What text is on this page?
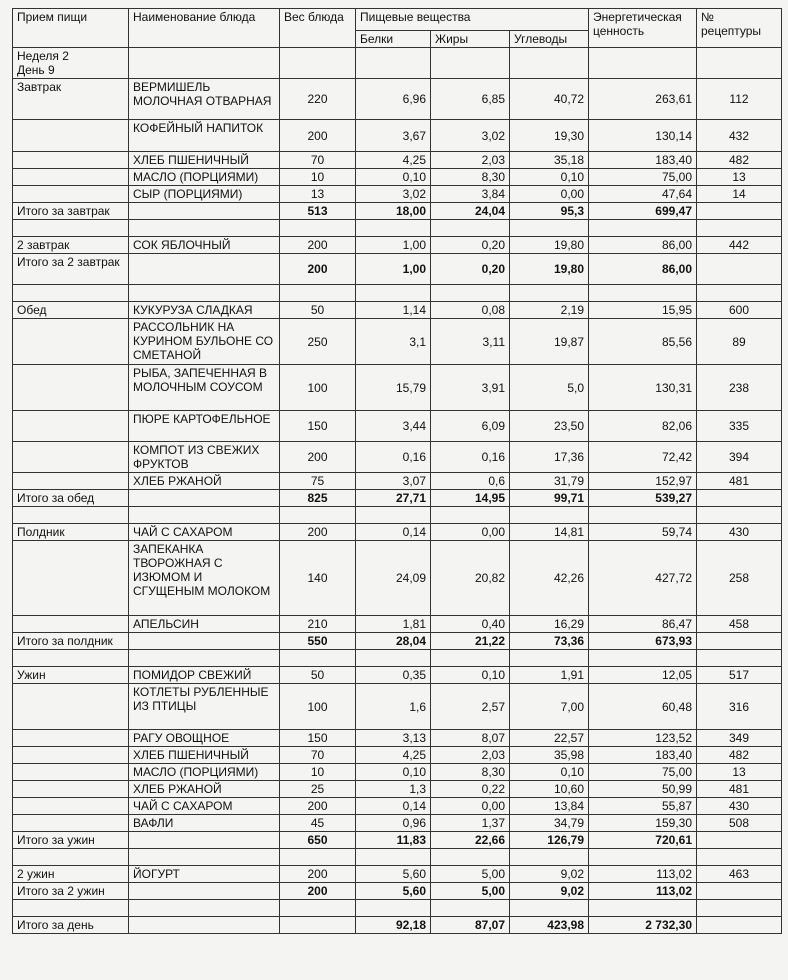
Прием пищи	Наименование блюда	Вес блюда	Пищевые вещества			Энергетическая ценность	№ рецептуры
			Белки	Жиры	Углеводы		
Неделя 2
День 9							
Завтрак	ВЕРМИШЕЛЬ МОЛОЧНАЯ ОТВАРНАЯ	220	6,96	6,85	40,72	263,61	112
	КОФЕЙНЫЙ НАПИТОК	200	3,67	3,02	19,30	130,14	432
	ХЛЕБ ПШЕНИЧНЫЙ	70	4,25	2,03	35,18	183,40	482
	МАСЛО (ПОРЦИЯМИ)	10	0,10	8,30	0,10	75,00	13
	СЫР (ПОРЦИЯМИ)	13	3,02	3,84	0,00	47,64	14
Итого за завтрак		513	18,00	24,04	95,3	699,47	

2 завтрак	СОК ЯБЛОЧНЫЙ	200	1,00	0,20	19,80	86,00	442
Итого за 2 завтрак		200	1,00	0,20	19,80	86,00	

Обед	КУКУРУЗА СЛАДКАЯ	50	1,14	0,08	2,19	15,95	600
	РАССОЛЬНИК НА КУРИНОМ БУЛЬОНЕ СО СМЕТАНОЙ	250	3,1	3,11	19,87	85,56	89
	РЫБА, ЗАПЕЧЕННАЯ В МОЛОЧНЫМ СОУСОМ	100	15,79	3,91	5,0	130,31	238
	ПЮРЕ КАРТОФЕЛЬНОЕ	150	3,44	6,09	23,50	82,06	335
	КОМПОТ ИЗ СВЕЖИХ ФРУКТОВ	200	0,16	0,16	17,36	72,42	394
	ХЛЕБ РЖАНОЙ	75	3,07	0,6	31,79	152,97	481
Итого за обед		825	27,71	14,95	99,71	539,27	

Полдник	ЧАЙ С САХАРОМ	200	0,14	0,00	14,81	59,74	430
	ЗАПЕКАНКА ТВОРОЖНАЯ С ИЗЮМОМ И СГУЩЕНЫМ МОЛОКОМ	140	24,09	20,82	42,26	427,72	258
	АПЕЛЬСИН	210	1,81	0,40	16,29	86,47	458
Итого за полдник		550	28,04	21,22	73,36	673,93	

Ужин	ПОМИДОР СВЕЖИЙ	50	0,35	0,10	1,91	12,05	517
	КОТЛЕТЫ РУБЛЕННЫЕ ИЗ ПТИЦЫ	100	1,6	2,57	7,00	60,48	316
	РАГУ ОВОЩНОЕ	150	3,13	8,07	22,57	123,52	349
	ХЛЕБ ПШЕНИЧНЫЙ	70	4,25	2,03	35,98	183,40	482
	МАСЛО (ПОРЦИЯМИ)	10	0,10	8,30	0,10	75,00	13
	ХЛЕБ РЖАНОЙ	25	1,3	0,22	10,60	50,99	481
	ЧАЙ С САХАРОМ	200	0,14	0,00	13,84	55,87	430
	ВАФЛИ	45	0,96	1,37	34,79	159,30	508
Итого за ужин		650	11,83	22,66	126,79	720,61	

2 ужин	ЙОГУРТ	200	5,60	5,00	9,02	113,02	463
Итого за 2 ужин		200	5,60	5,00	9,02	113,02	

Итого за день			92,18	87,07	423,98	2 732,30	
